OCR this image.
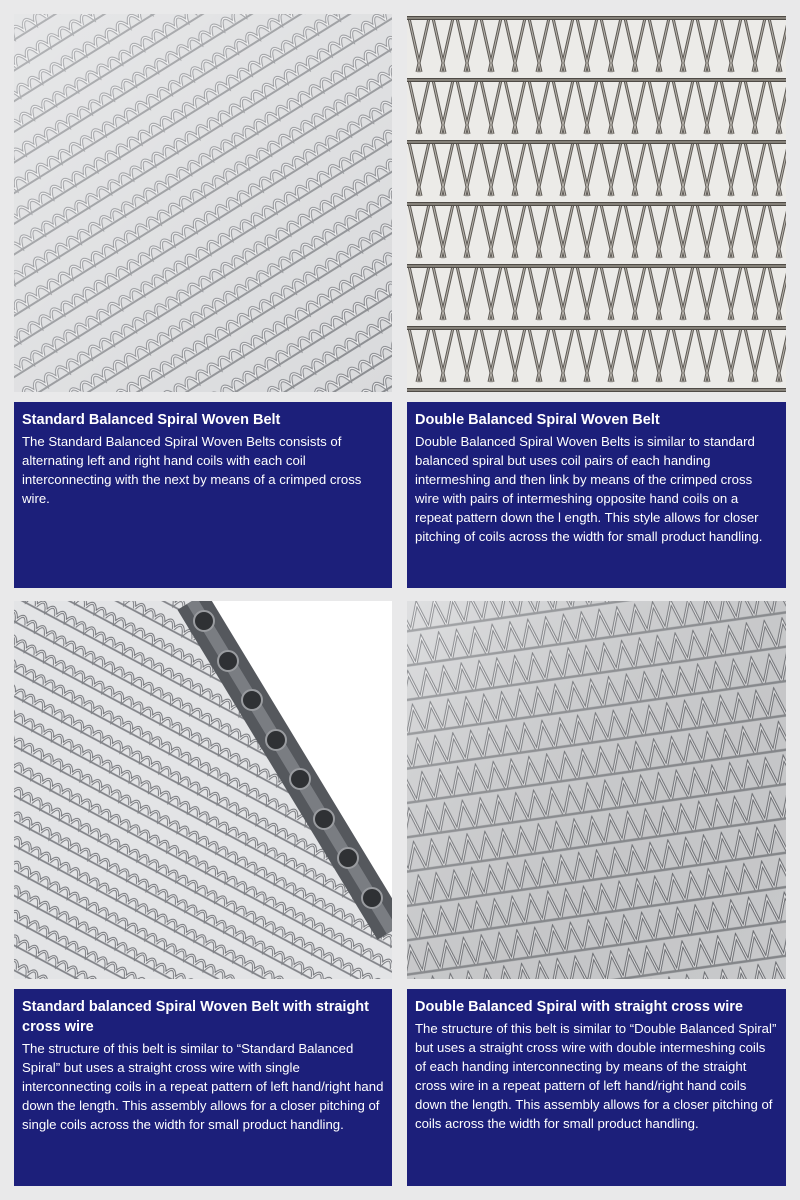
Standard Balanced Spiral Woven Belt

The Standard Balanced Spiral Woven Belts consists of alternating left and right hand coils with each coil interconnecting with the next by means of a crimped cross wire.

Double Balanced Spiral Woven Belt

Double Balanced Spiral Woven Belts is similar to standard balanced spiral but uses coil pairs of each handing intermeshing and then link by means of the crimped cross wire with pairs of intermeshing opposite hand coils on a repeat pattern down the l ength. This style allows for closer pitching of coils across the width for small product handling.

Standard balanced Spiral Woven Belt with straight cross wire

The structure of this belt is similar to “Standard Balanced Spiral” but uses a straight cross wire with single interconnecting coils in a repeat pattern of left hand/right hand down the length. This assembly allows for a closer pitching of single coils across the width for small product handling.

Double Balanced Spiral with straight cross wire

The structure of this belt is similar to “Double Balanced Spiral” but uses a straight cross wire with double intermeshing coils of each handing interconnecting by means of the straight cross wire in a repeat pattern of left hand/right hand coils down the length. This assembly allows for a closer pitching of coils across the width for small product handling.
